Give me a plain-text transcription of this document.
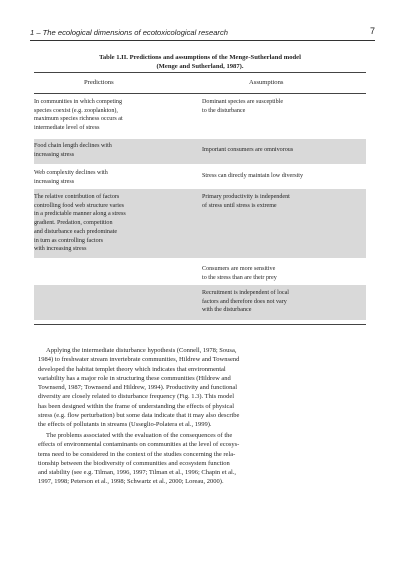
1 – The ecological dimensions of ecotoxicological research	7
Table 1.II. Predictions and assumptions of the Menge-Sutherland model
(Menge and Sutherland, 1987).
Predictions	Assumptions
In communities in which competing
species coexist (e.g. zooplankton),
maximum species richness occurs at
intermediate level of stress
Dominant species are susceptible
to the disturbance
Food chain length declines with
increasing stress
Important consumers are omnivorous
Web complexity declines with
increasing stress
Stress can directly maintain low diversity
The relative contribution of factors
controlling food web structure varies
in a predictable manner along a stress
gradient. Predation, competition
and disturbance each predominate
in turn as controlling factors
with increasing stress
Primary productivity is independent
of stress until stress is extreme
Consumers are more sensitive
to the stress than are their prey
Recruitment is independent of local
factors and therefore does not vary
with the disturbance
Applying the intermediate disturbance hypothesis (Connell, 1978; Sousa,
1984) to freshwater stream invertebrate communities, Hildrew and Townsend
developed the habitat templet theory which indicates that environmental
variability has a major role in structuring these communities (Hildrew and
Townsend, 1987; Townsend and Hildrew, 1994). Productivity and functional
diversity are closely related to disturbance frequency (Fig. 1.3). This model
has been designed within the frame of understanding the effects of physical
stress (e.g. flow perturbation) but some data indicate that it may also describe
the effects of pollutants in streams (Usseglio-Polatera et al., 1999).
The problems associated with the evaluation of the consequences of the
effects of environmental contaminants on communities at the level of ecosys-
tems need to be considered in the context of the studies concerning the rela-
tionship between the biodiversity of communities and ecosystem function
and stability (see e.g. Tilman, 1996, 1997; Tilman et al., 1996; Chapin et al.,
1997, 1998; Peterson et al., 1998; Schwartz et al., 2000; Loreau, 2000).
